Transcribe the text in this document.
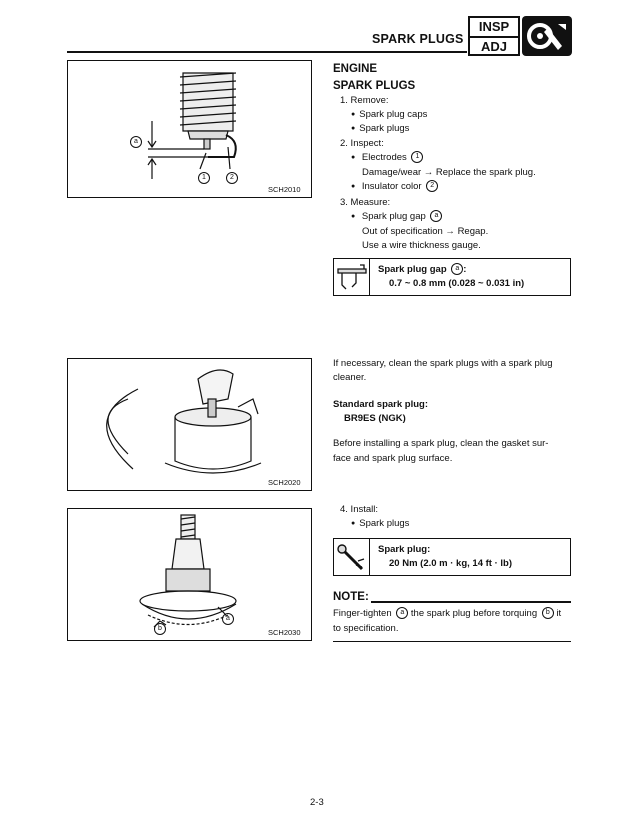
SPARK PLUGS
INSP
ADJ
a
1	2
SCH2010
SCH2020
a
b	SCH2030
ENGINE
SPARK PLUGS
1. Remove:
● Spark plug caps
● Spark plugs
2. Inspect:
● Electrodes 1
Damage/wear → Replace the spark plug.
● Insulator color 2
3. Measure:
● Spark plug gap a
Out of specification → Regap.
Use a wire thickness gauge.
Spark plug gap a :
0.7 ~ 0.8 mm (0.028 ~ 0.031 in)
If necessary, clean the spark plugs with a spark plug
cleaner.
Standard spark plug:
BR9ES (NGK)
Before installing a spark plug, clean the gasket sur-
face and spark plug surface.
4. Install:
● Spark plugs
Spark plug:
20 Nm (2.0 m · kg, 14 ft · lb)
NOTE:
Finger-tighten a the spark plug before torquing b it
to specification.
2-3
